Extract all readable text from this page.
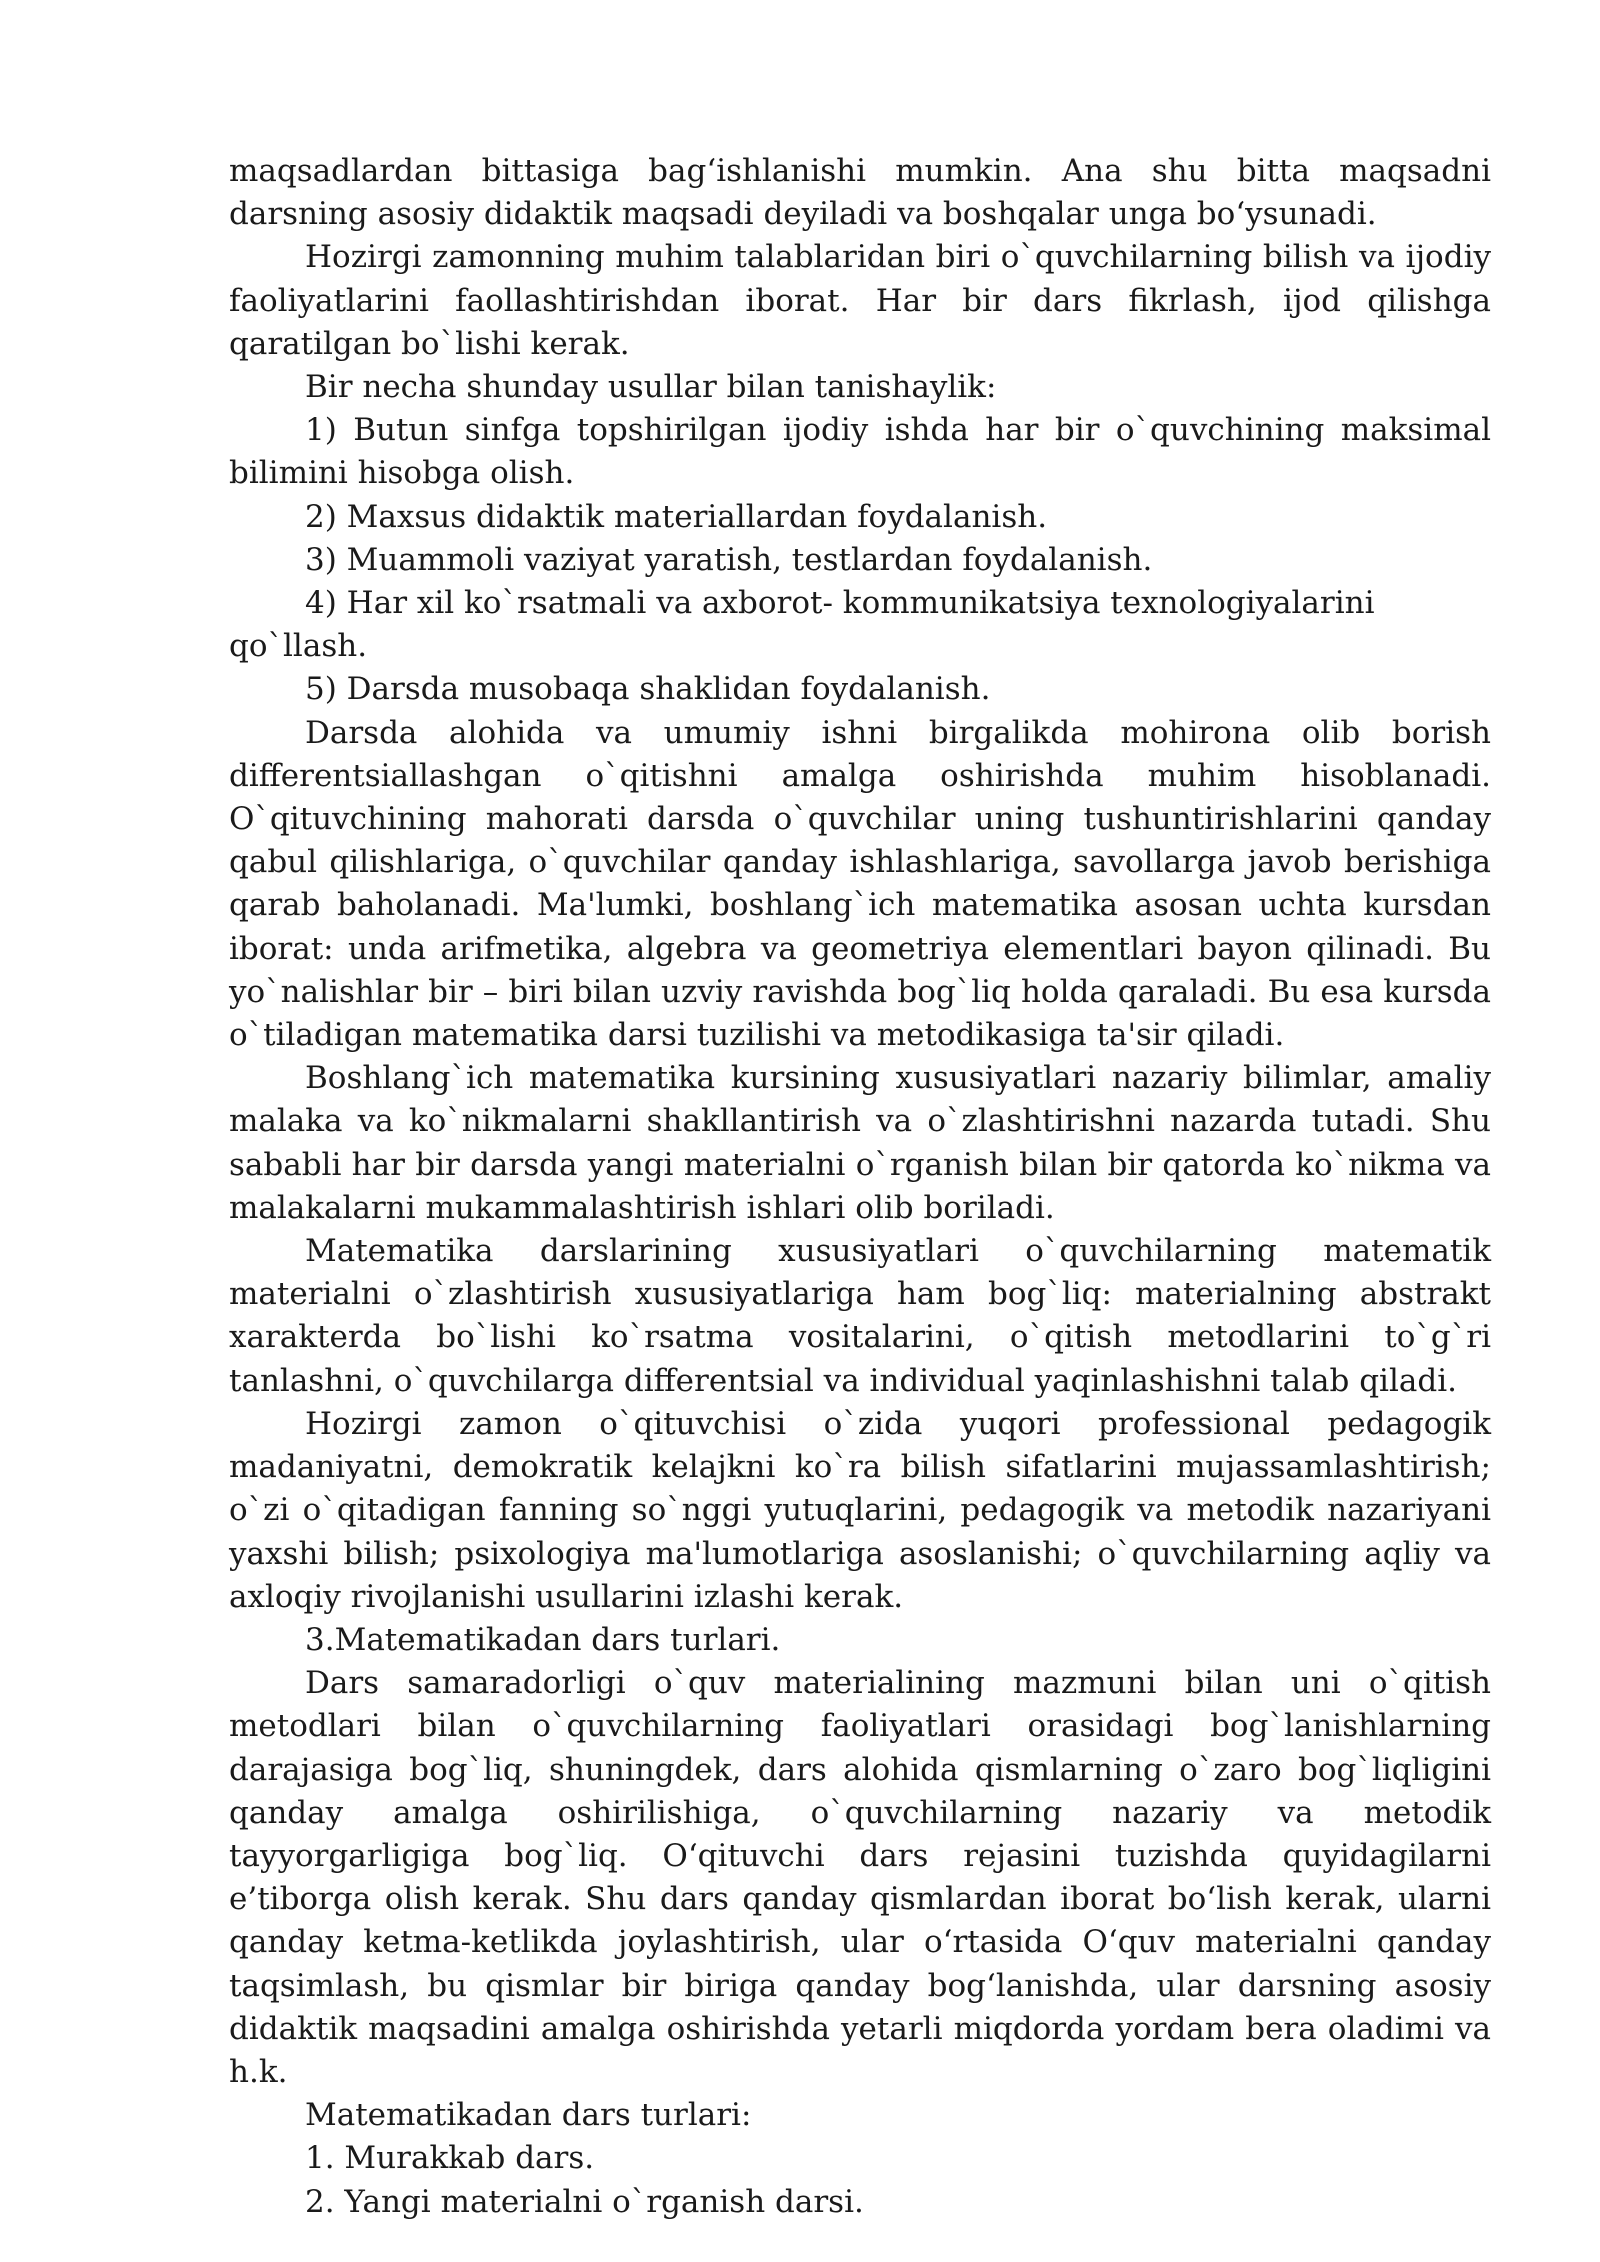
maqsadlardan bittasiga bag‘ishlanishi mumkin. Ana shu bitta maqsadni darsning asosiy didaktik maqsadi deyiladi va boshqalar unga bo‘ysunadi.

Hozirgi zamonning muhim talablaridan biri o`quvchilarning bilish va ijodiy faoliyatlarini faollashtirishdan iborat. Har bir dars fikrlash, ijod qilishga qaratilgan bo`lishi kerak.

Bir necha shunday usullar bilan tanishaylik:

1) Butun sinfga topshirilgan ijodiy ishda har bir o`quvchining maksimal bilimini hisobga olish.

2) Maxsus didaktik materiallardan foydalanish.

3) Muammoli vaziyat yaratish, testlardan foydalanish.

4) Har xil ko`rsatmali va axborot- kommunikatsiya texnologiyalarini qo`llash.

5) Darsda musobaqa shaklidan foydalanish.

Darsda alohida va umumiy ishni birgalikda mohirona olib borish differentsiallashgan o`qitishni amalga oshirishda muhim hisoblanadi. O`qituvchining mahorati darsda o`quvchilar uning tushuntirishlarini qanday qabul qilishlariga, o`quvchilar qanday ishlashlariga, savollarga javob berishiga qarab baholanadi. Ma'lumki, boshlang`ich matematika asosan uchta kursdan iborat: unda arifmetika, algebra va geometriya elementlari bayon qilinadi. Bu yo`nalishlar bir – biri bilan uzviy ravishda bog`liq holda qaraladi. Bu esa kursda o`tiladigan matematika darsi tuzilishi va metodikasiga ta'sir qiladi.

Boshlang`ich matematika kursining xususiyatlari nazariy bilimlar, amaliy malaka va ko`nikmalarni shakllantirish va o`zlashtirishni nazarda tutadi. Shu sababli har bir darsda yangi materialni o`rganish bilan bir qatorda ko`nikma va malakalarni mukammalashtirish ishlari olib boriladi.

Matematika darslarining xususiyatlari o`quvchilarning matematik materialni o`zlashtirish xususiyatlariga ham bog`liq: materialning abstrakt xarakterda bo`lishi ko`rsatma vositalarini, o`qitish metodlarini to`g`ri tanlashni, o`quvchilarga differentsial va individual yaqinlashishni talab qiladi.

Hozirgi zamon o`qituvchisi o`zida yuqori professional pedagogik madaniyatni, demokratik kelajkni ko`ra bilish sifatlarini mujassamlashtirish; o`zi o`qitadigan fanning so`nggi yutuqlarini, pedagogik va metodik nazariyani yaxshi bilish; psixologiya ma'lumotlariga asoslanishi; o`quvchilarning aqliy va axloqiy rivojlanishi usullarini izlashi kerak.

3.Matematikadan dars turlari.

Dars samaradorligi o`quv materialining mazmuni bilan uni o`qitish metodlari bilan o`quvchilarning faoliyatlari orasidagi bog`lanishlarning darajasiga bog`liq, shuningdek, dars alohida qismlarning o`zaro bog`liqligini qanday amalga oshirilishiga, o`quvchilarning nazariy va metodik tayyorgarligiga bog`liq. O‘qituvchi dars rejasini tuzishda quyidagilarni e’tiborga olish kerak. Shu dars qanday qismlardan iborat bo‘lish kerak, ularni qanday ketma-ketlikda joylashtirish, ular o‘rtasida O‘quv materialni qanday taqsimlash, bu qismlar bir biriga qanday bog‘lanishda, ular darsning asosiy didaktik maqsadini amalga oshirishda yetarli miqdorda yordam bera oladimi va h.k.

Matematikadan dars turlari:

1. Murakkab dars.

2. Yangi materialni o`rganish darsi.
